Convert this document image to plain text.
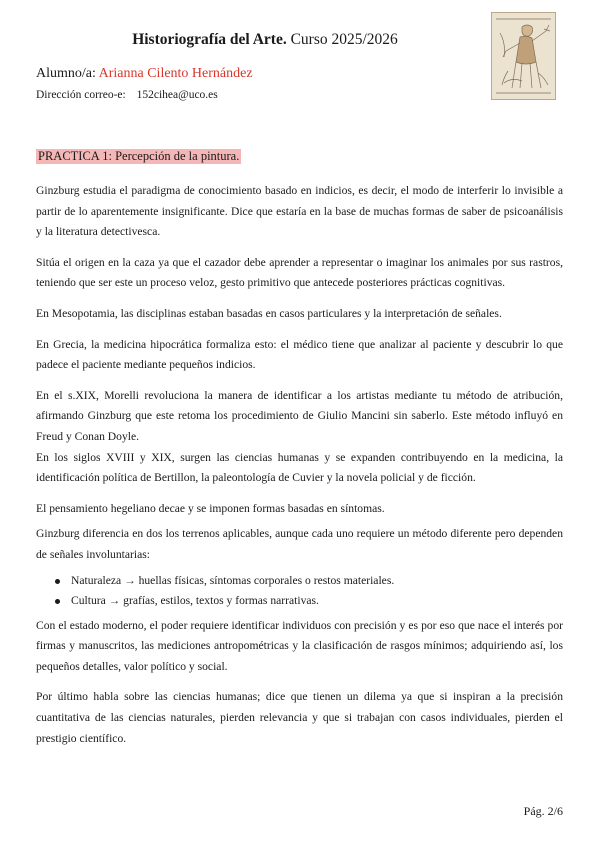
Historiografía del Arte. Curso 2025/2026
Alumno/a: Arianna Cilento Hernández
Dirección correo-e: 152cihea@uco.es
PRACTICA 1: Percepción de la pintura.

Ginzburg estudia el paradigma de conocimiento basado en indicios, es decir, el modo de interferir lo invisible a partir de lo aparentemente insignificante. Dice que estaría en la base de muchas formas de saber de psicoanálisis y la literatura detectivesca.

Sitúa el origen en la caza ya que el cazador debe aprender a representar o imaginar los animales por sus rastros, teniendo que ser este un proceso veloz, gesto primitivo que antecede posteriores prácticas cognitivas.

En Mesopotamia, las disciplinas estaban basadas en casos particulares y la interpretación de señales.

En Grecia, la medicina hipocrática formaliza esto: el médico tiene que analizar al paciente y descubrir lo que padece el paciente mediante pequeños indicios.

En el s.XIX, Morelli revoluciona la manera de identificar a los artistas mediante tu método de atribución, afirmando Ginzburg que este retoma los procedimiento de Giulio Mancini sin saberlo. Este método influyó en Freud y Conan Doyle.

En los siglos XVIII y XIX, surgen las ciencias humanas y se expanden contribuyendo en la medicina, la identificación política de Bertillon, la paleontología de Cuvier y la novela policial y de ficción.

El pensamiento hegeliano decae y se imponen formas basadas en síntomas.

Ginzburg diferencia en dos los terrenos aplicables, aunque cada uno requiere un método diferente pero dependen de señales involuntarias:

Naturaleza → huellas físicas, síntomas corporales o restos materiales.
Cultura → grafías, estilos, textos y formas narrativas.

Con el estado moderno, el poder requiere identificar individuos con precisión y es por eso que nace el interés por firmas y manuscritos, las mediciones antropométricas y la clasificación de rasgos mínimos; adquiriendo así, los pequeños detalles, valor político y social.

Por último habla sobre las ciencias humanas; dice que tienen un dilema ya que si inspiran a la precisión cuantitativa de las ciencias naturales, pierden relevancia y que si trabajan con casos individuales, pierden el prestigio científico.

Pág. 2/6
